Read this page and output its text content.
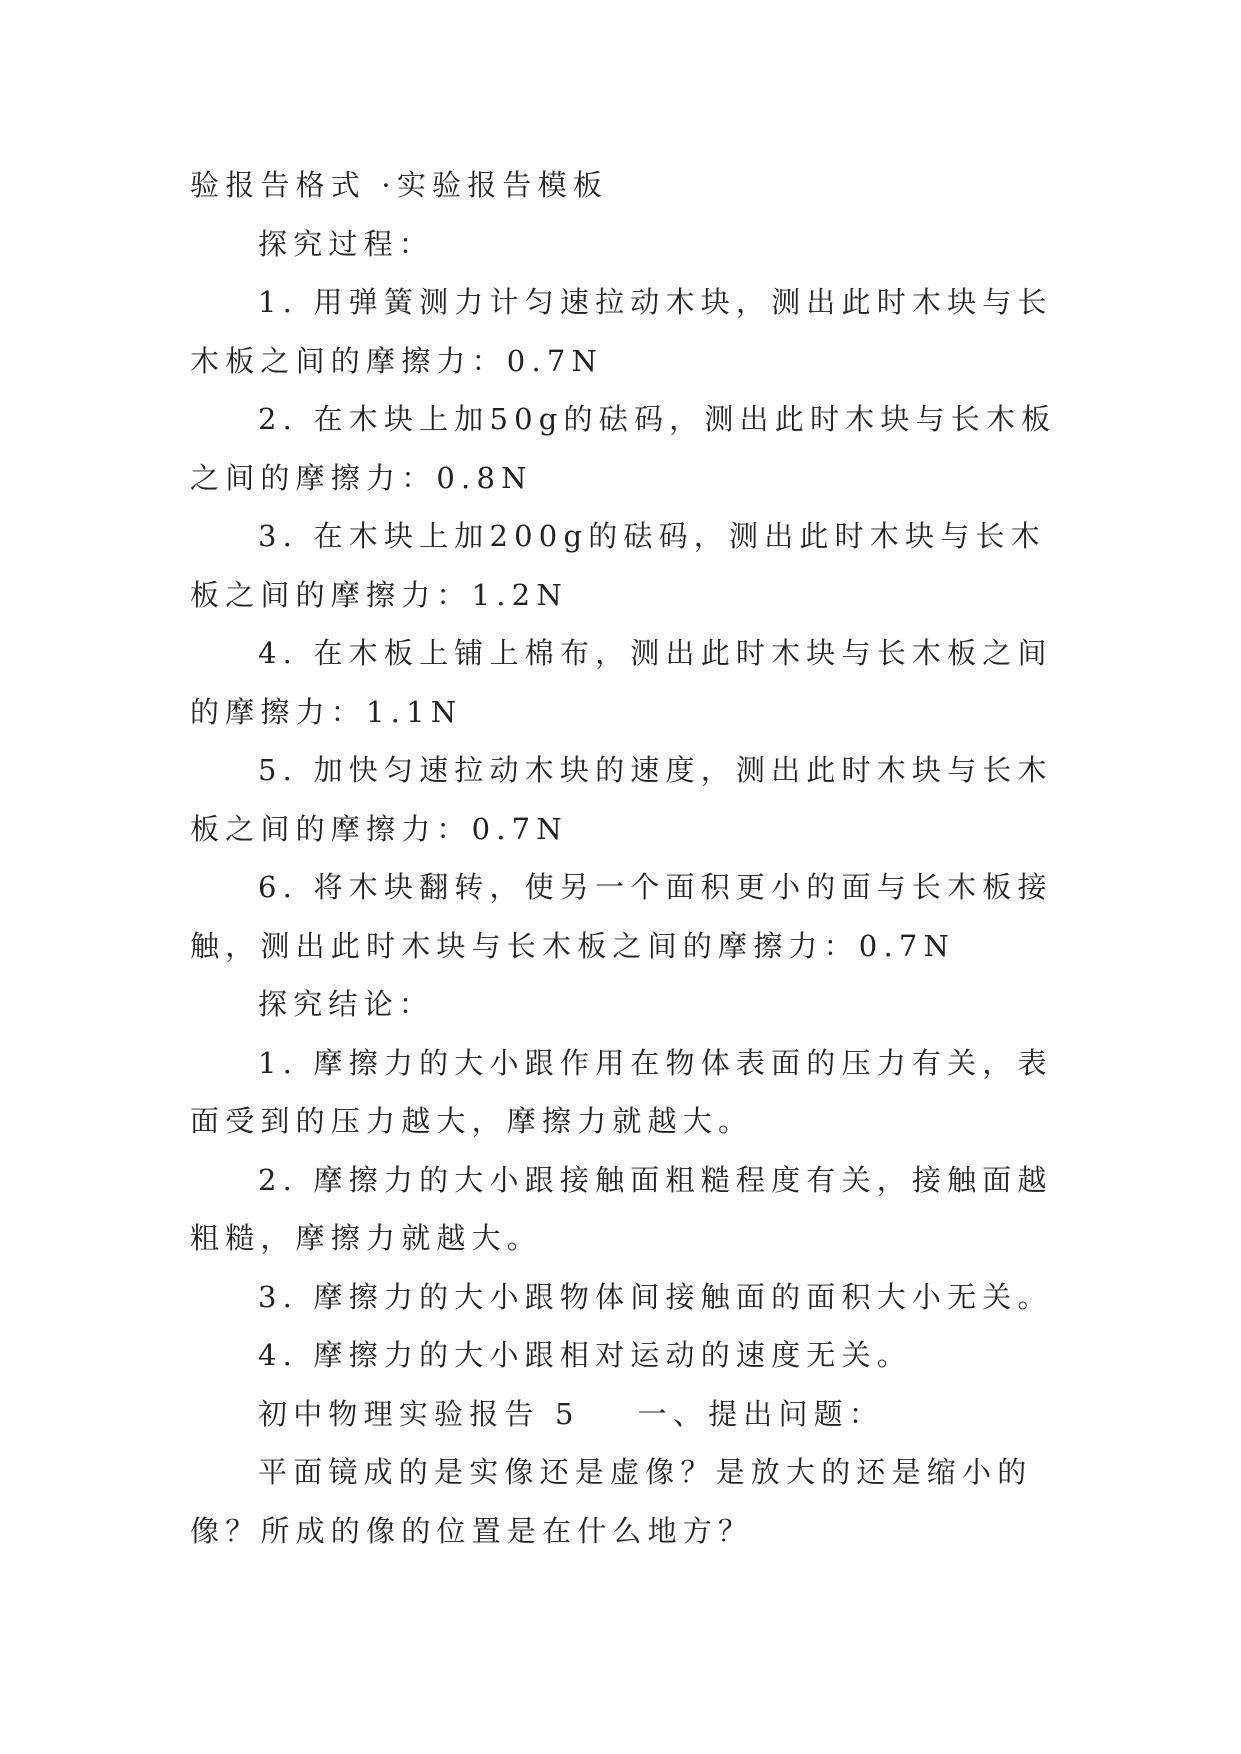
验报告格式 ·实验报告模板

探究过程：

1. 用弹簧测力计匀速拉动木块，测出此时木块与长木板之间的摩擦力：0.7N

2. 在木块上加50g的砝码，测出此时木块与长木板之间的摩擦力：0.8N

3. 在木块上加200g的砝码，测出此时木块与长木板之间的摩擦力：1.2N

4. 在木板上铺上棉布，测出此时木块与长木板之间的摩擦力：1.1N

5. 加快匀速拉动木块的速度，测出此时木块与长木板之间的摩擦力：0.7N

6. 将木块翻转，使另一个面积更小的面与长木板接触，测出此时木块与长木板之间的摩擦力：0.7N

探究结论：

1. 摩擦力的大小跟作用在物体表面的压力有关，表面受到的压力越大，摩擦力就越大。

2. 摩擦力的大小跟接触面粗糙程度有关，接触面越粗糙，摩擦力就越大。

3. 摩擦力的大小跟物体间接触面的面积大小无关。

4. 摩擦力的大小跟相对运动的速度无关。

初中物理实验报告 5 一、提出问题：

平面镜成的是实像还是虚像？是放大的还是缩小的像？所成的像的位置是在什么地方？
